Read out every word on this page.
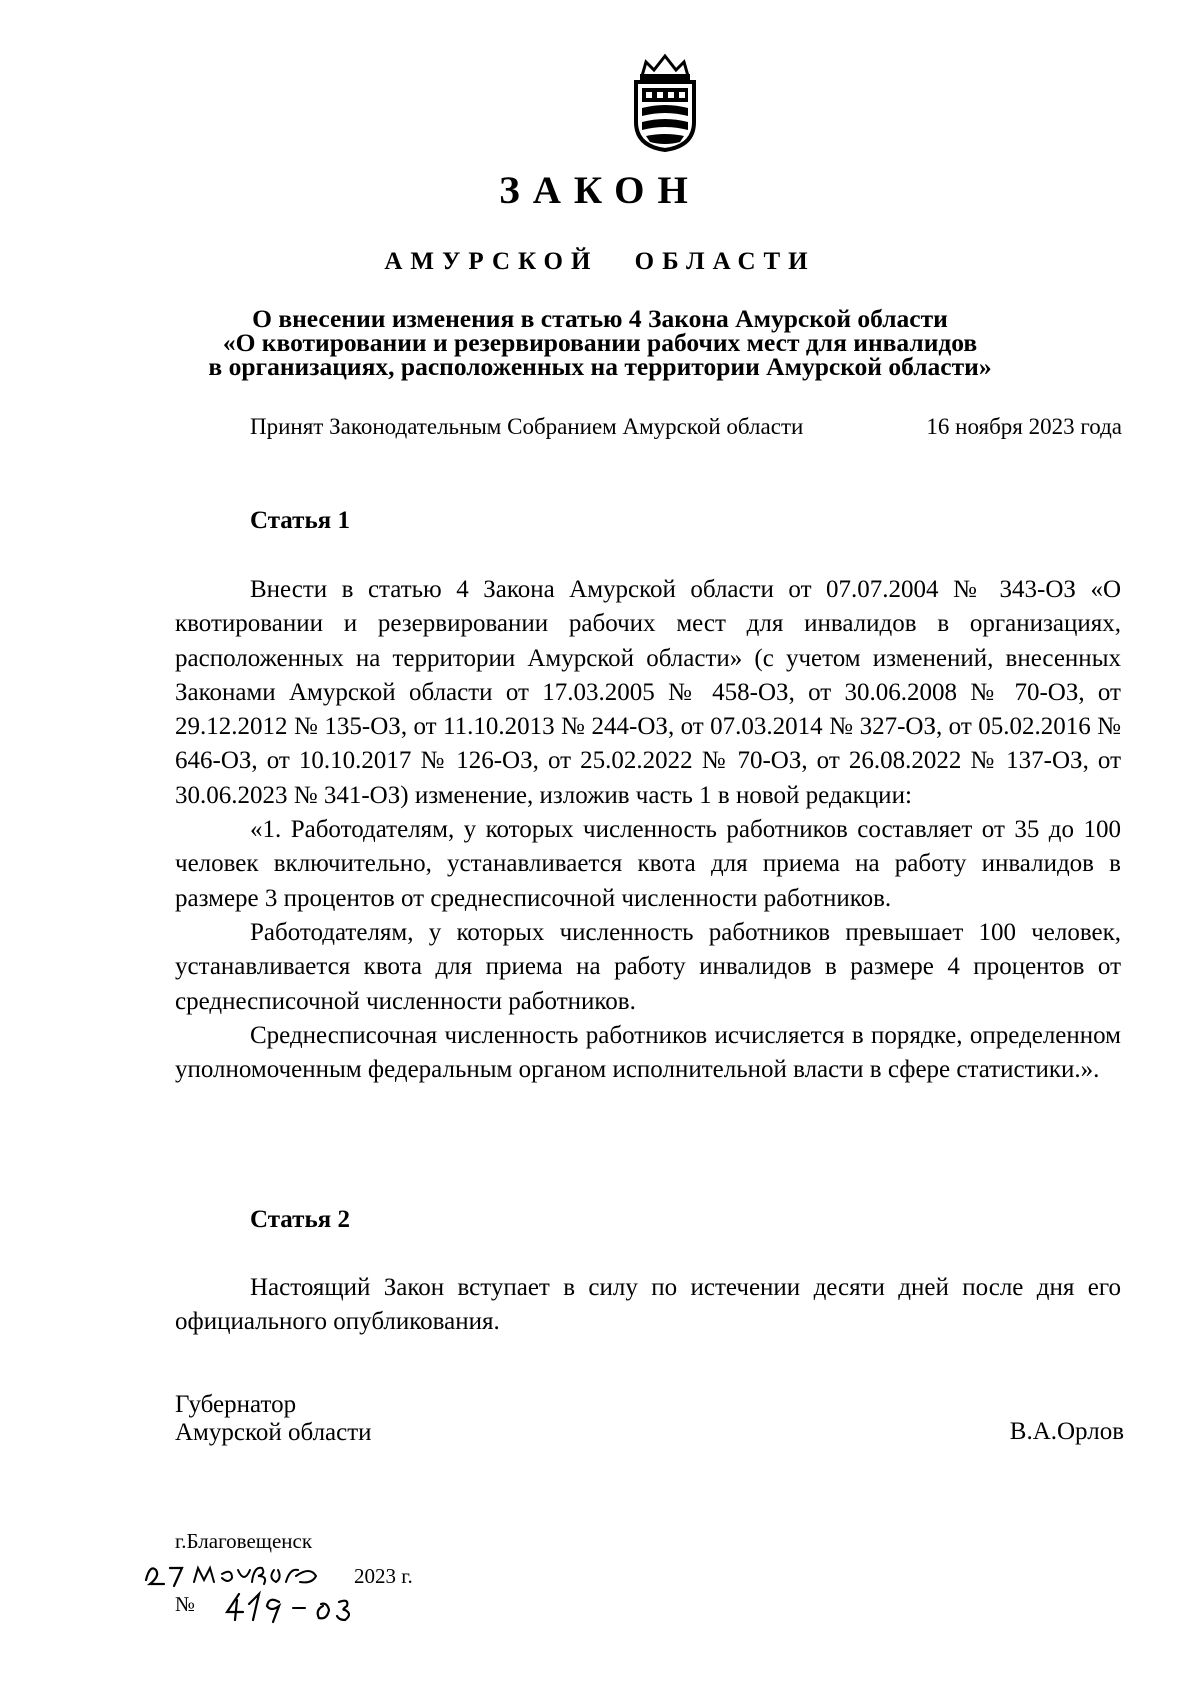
ЗАКОН
АМУРСКОЙ ОБЛАСТИ
О внесении изменения в статью 4 Закона Амурской области
«О квотировании и резервировании рабочих мест для инвалидов
в организациях, расположенных на территории Амурской области»
Принят Законодательным Собранием Амурской области	16 ноября 2023 года
Статья 1

Внести в статью 4 Закона Амурской области от 07.07.2004 № 343-ОЗ «О квотировании и резервировании рабочих мест для инвалидов в организациях, расположенных на территории Амурской области» (с учетом изменений, внесенных Законами Амурской области от 17.03.2005 № 458-ОЗ, от 30.06.2008 № 70-ОЗ, от 29.12.2012 № 135-ОЗ, от 11.10.2013 № 244-ОЗ, от 07.03.2014 № 327-ОЗ, от 05.02.2016 № 646-ОЗ, от 10.10.2017 № 126-ОЗ, от 25.02.2022 № 70-ОЗ, от 26.08.2022 № 137-ОЗ, от 30.06.2023 № 341-ОЗ) изменение, изложив часть 1 в новой редакции:

«1. Работодателям, у которых численность работников составляет от 35 до 100 человек включительно, устанавливается квота для приема на работу инвалидов в размере 3 процентов от среднесписочной численности работников.

Работодателям, у которых численность работников превышает 100 человек, устанавливается квота для приема на работу инвалидов в размере 4 процентов от среднесписочной численности работников.

Среднесписочная численность работников исчисляется в порядке, определенном уполномоченным федеральным органом исполнительной власти в сфере статистики.».

Статья 2

Настоящий Закон вступает в силу по истечении десяти дней после дня его официального опубликования.

Губернатор
Амурской области	В.А.Орлов
г.Благовещенск
2023 г.
№
